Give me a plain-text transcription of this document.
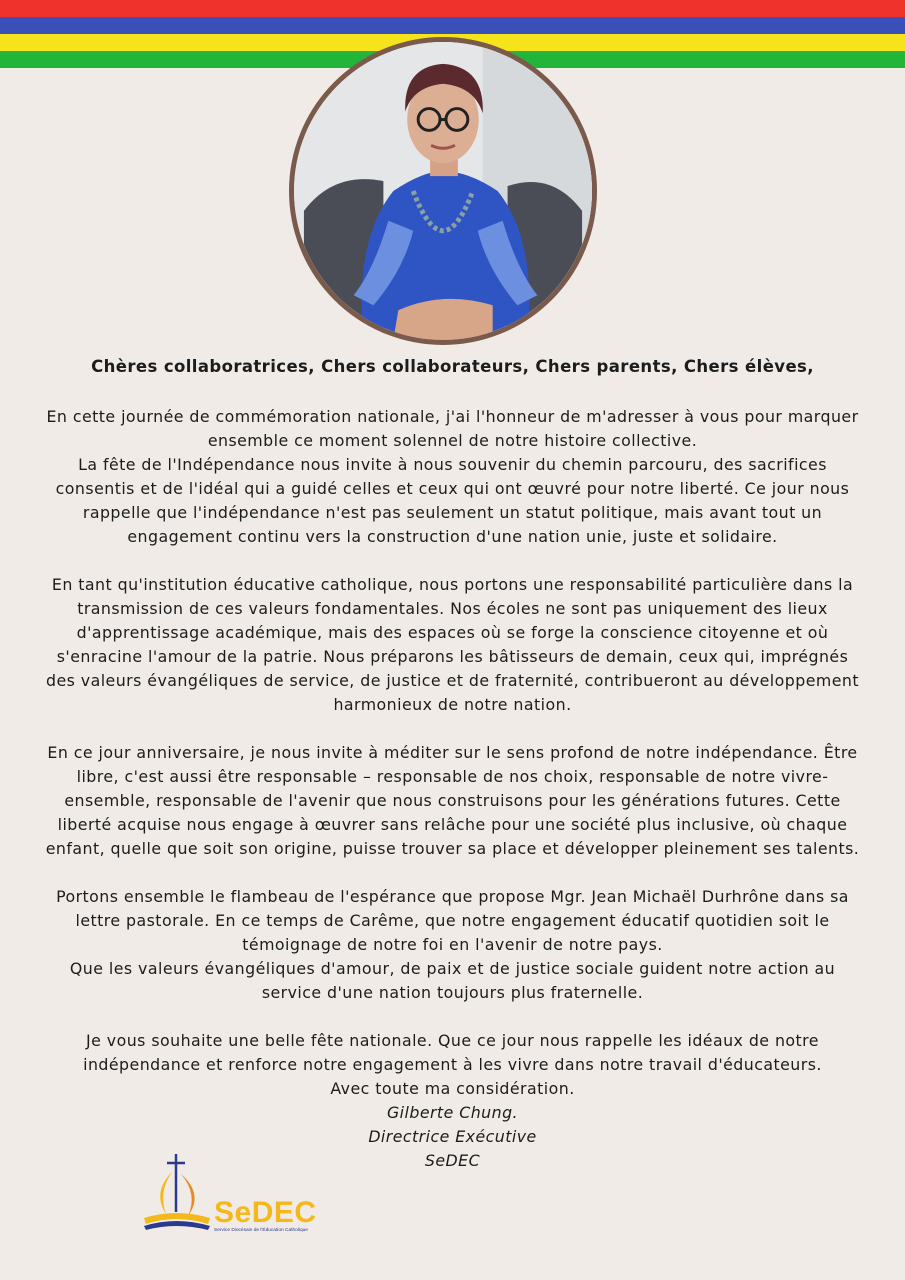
Chères collaboratrices, Chers collaborateurs, Chers parents, Chers élèves,

En cette journée de commémoration nationale, j'ai l'honneur de m'adresser à vous pour marquer ensemble ce moment solennel de notre histoire collective.
La fête de l'Indépendance nous invite à nous souvenir du chemin parcouru, des sacrifices consentis et de l'idéal qui a guidé celles et ceux qui ont œuvré pour notre liberté. Ce jour nous rappelle que l'indépendance n'est pas seulement un statut politique, mais avant tout un engagement continu vers la construction d'une nation unie, juste et solidaire.

En tant qu'institution éducative catholique, nous portons une responsabilité particulière dans la transmission de ces valeurs fondamentales. Nos écoles ne sont pas uniquement des lieux d'apprentissage académique, mais des espaces où se forge la conscience citoyenne et où s'enracine l'amour de la patrie. Nous préparons les bâtisseurs de demain, ceux qui, imprégnés des valeurs évangéliques de service, de justice et de fraternité, contribueront au développement harmonieux de notre nation.

En ce jour anniversaire, je nous invite à méditer sur le sens profond de notre indépendance. Être libre, c'est aussi être responsable – responsable de nos choix, responsable de notre vivre-ensemble, responsable de l'avenir que nous construisons pour les générations futures. Cette liberté acquise nous engage à œuvrer sans relâche pour une société plus inclusive, où chaque enfant, quelle que soit son origine, puisse trouver sa place et développer pleinement ses talents.

Portons ensemble le flambeau de l'espérance que propose Mgr. Jean Michaël Durhrône dans sa lettre pastorale. En ce temps de Carême, que notre engagement éducatif quotidien soit le témoignage de notre foi en l'avenir de notre pays.
Que les valeurs évangéliques d'amour, de paix et de justice sociale guident notre action au service d'une nation toujours plus fraternelle.

Je vous souhaite une belle fête nationale. Que ce jour nous rappelle les idéaux de notre indépendance et renforce notre engagement à les vivre dans notre travail d'éducateurs.
Avec toute ma considération.
Gilberte Chung.
Directrice Exécutive
SeDEC

SeDEC
Service Diocésain de l'Éducation Catholique
